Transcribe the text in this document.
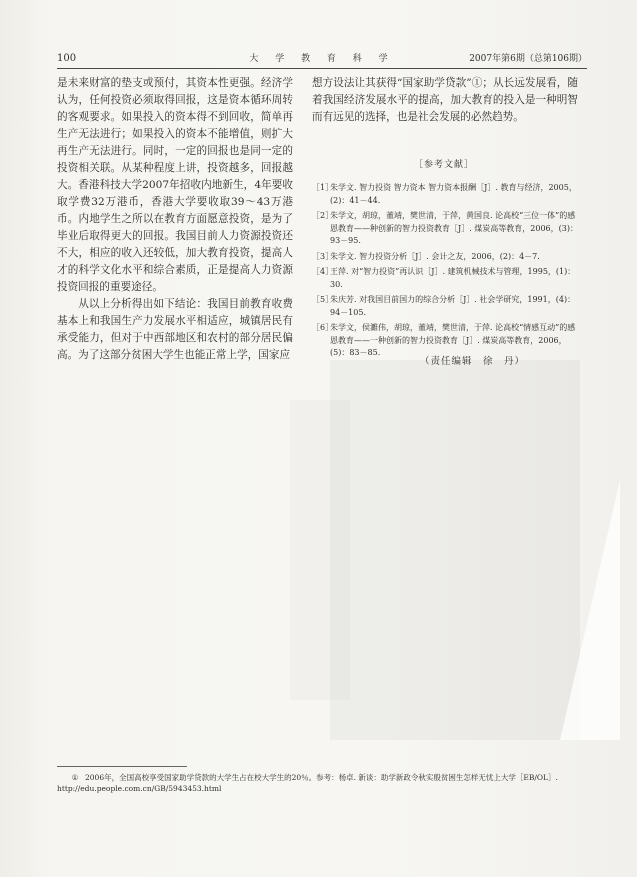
100	大 学 教 育 科 学	2007年第6期（总第106期）

是未来财富的垫支或预付，其资本性更强。经济学认为，任何投资必须取得回报，这是资本循环周转的客观要求。如果投入的资本得不到回收，简单再生产无法进行；如果投入的资本不能增值，则扩大再生产无法进行。同时，一定的回报也是同一定的投资相关联。从某种程度上讲，投资越多，回报越大。香港科技大学2007年招收内地新生，4年要收取学费32万港币，香港大学要收取39～43万港币。内地学生之所以在教育方面愿意投资，是为了毕业后取得更大的回报。我国目前人力资源投资还不大，相应的收入还较低，加大教育投资，提高人才的科学文化水平和综合素质，正是提高人力资源投资回报的重要途径。

从以上分析得出如下结论：我国目前教育收费基本上和我国生产力发展水平相适应，城镇居民有承受能力，但对于中西部地区和农村的部分居民偏高。为了这部分贫困大学生也能正常上学，国家应

想方设法让其获得“国家助学贷款”①；从长远发展看，随着我国经济发展水平的提高，加大教育的投入是一种明智而有远见的选择，也是社会发展的必然趋势。

［参考文献］
［1］
朱学文. 智力投资 智力资本 智力资本报酬［J］. 教育与经济，2005，(2)：41－44.
［2］
朱学文，胡琼，董靖，樊世清，于萍，黄国良. 论高校“三位一体”的感恩教育——种创新的智力投资教育［J］. 煤炭高等教育，2006，(3)：93－95.
［3］
朱学文. 智力投资分析［J］. 会计之友，2006，(2)：4－7.
［4］
王萍. 对“智力投资”再认识［J］. 建筑机械技术与管理，1995，(1)：30.
［5］
朱庆芳. 对我国目前国力的综合分析［J］. 社会学研究，1991，(4)：94－105.
［6］
朱学文，侯濉伟，胡琼，董靖，樊世清，于萍. 论高校“情感互动”的感恩教育——一种创新的智力投资教育［J］. 煤炭高等教育，2006，(5)：83－85.
（责任编辑　徐　丹）
① 2006年，全国高校享受国家助学贷款的大学生占在校大学生的20％。参考：杨卓. 新谈：助学新政令秋实殷贫困生怎样无忧上大学［EB/OL］. http://edu.people.com.cn/GB/5943453.html
